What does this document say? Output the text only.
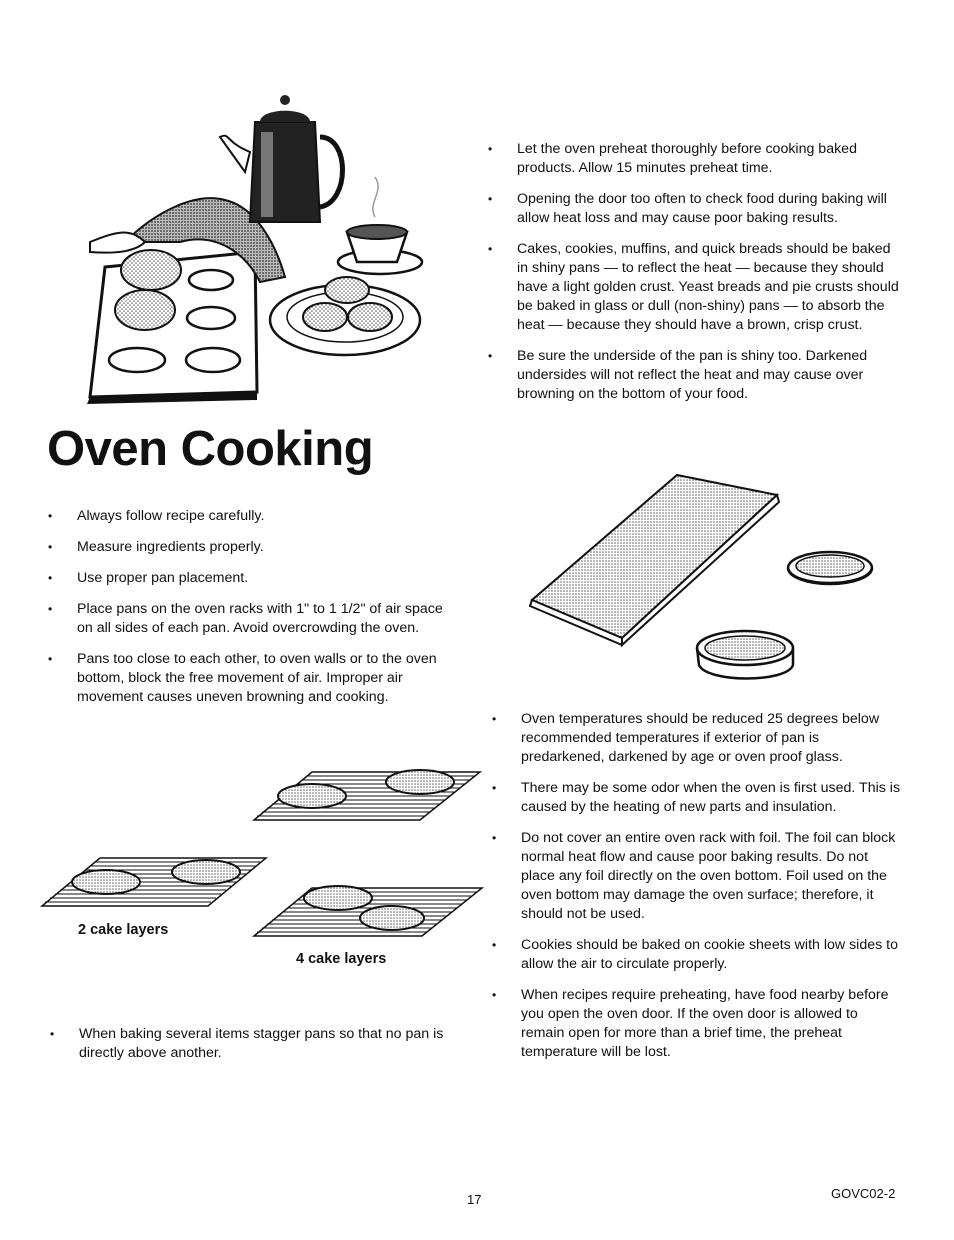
Oven Cooking
• Always follow recipe carefully.
• Measure ingredients properly.
• Use proper pan placement.
• Place pans on the oven racks with 1" to 1 1/2" of air space on all sides of each pan. Avoid overcrowding the oven.
• Pans too close to each other, to oven walls or to the oven bottom, block the free movement of air. Improper air movement causes uneven browning and cooking.
• Let the oven preheat thoroughly before cooking baked products. Allow 15 minutes preheat time.
• Opening the door too often to check food during baking will allow heat loss and may cause poor baking results.
• Cakes, cookies, muffins, and quick breads should be baked in shiny pans — to reflect the heat — because they should have a light golden crust. Yeast breads and pie crusts should be baked in glass or dull (non-shiny) pans — to absorb the heat — because they should have a brown, crisp crust.
• Be sure the underside of the pan is shiny too. Darkened undersides will not reflect the heat and may cause over browning on the bottom of your food.
• Oven temperatures should be reduced 25 degrees below recommended temperatures if exterior of pan is predarkened, darkened by age or oven proof glass.
• There may be some odor when the oven is first used. This is caused by the heating of new parts and insulation.
• Do not cover an entire oven rack with foil. The foil can block normal heat flow and cause poor baking results. Do not place any foil directly on the oven bottom. Foil used on the oven bottom may damage the oven surface; therefore, it should not be used.
• Cookies should be baked on cookie sheets with low sides to allow the air to circulate properly.
• When recipes require preheating, have food nearby before you open the oven door. If the oven door is allowed to remain open for more than a brief time, the preheat temperature will be lost.
2 cake layers
4 cake layers
• When baking several items stagger pans so that no pan is directly above another.
17	GOVC02-2
